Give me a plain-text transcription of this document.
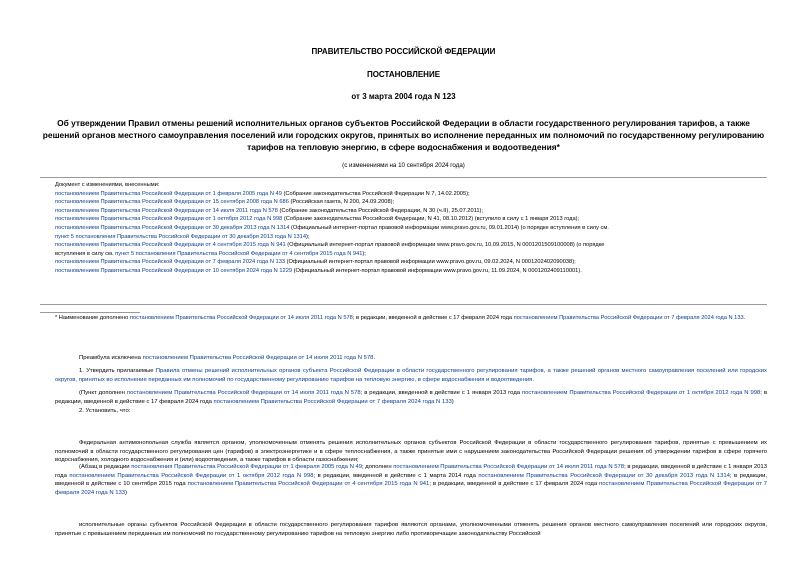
ПРАВИТЕЛЬСТВО РОССИЙСКОЙ ФЕДЕРАЦИИ
ПОСТАНОВЛЕНИЕ
от 3 марта 2004 года N 123
Об утверждении Правил отмены решений исполнительных органов субъектов Российской Федерации в области государственного регулирования тарифов, а также решений органов местного самоуправления поселений или городских округов, принятых во исполнение переданных им полномочий по государственному регулированию тарифов на тепловую энергию, в сфере водоснабжения и водоотведения*
(с изменениями на 10 сентября 2024 года)
Документ с изменениями, внесенными:
постановлением Правительства Российской Федерации от 1 февраля 2005 года N 49 (Собрание законодательства Российской Федерации N 7, 14.02.2005);
постановлением Правительства Российской Федерации от 15 сентября 2008 года N 686 (Российская газета, N 200, 24.09.2008);
постановлением Правительства Российской Федерации от 14 июля 2011 года N 578 (Собрание законодательства Российской Федерации, N 30 (ч.II), 25.07.2011);
постановлением Правительства Российской Федерации от 1 октября 2012 года N 998 (Собрание законодательства Российской Федерации, N 41, 08.10.2012) (вступило в силу с 1 января 2013 года);
постановлением Правительства Российской Федерации от 30 декабря 2013 года N 1314 (Официальный интернет-портал правовой информации www.pravo.gov.ru, 09.01.2014) (о порядке вступления в силу см.
пункт 5 постановления Правительства Российской Федерации от 30 декабря 2013 года N 1314);
постановлением Правительства Российской Федерации от 4 сентября 2015 года N 941 (Официальный интернет-портал правовой информации www.pravo.gov.ru, 10.09.2015, N 0001201509100008) (о порядке
вступления в силу см. пункт 5 постановления Правительства Российской Федерации от 4 сентября 2015 года N 941);
постановлением Правительства Российской Федерации от 7 февраля 2024 года N 133 (Официальный интернет-портал правовой информации www.pravo.gov.ru, 09.02.2024, N 0001202402090038);
постановлением Правительства Российской Федерации от 10 сентября 2024 года N 1229 (Официальный интернет-портал правовой информации www.pravo.gov.ru, 11.09.2024, N 0001202409110001).
* Наименование дополнено постановлением Правительства Российской Федерации от 14 июля 2011 года N 578; в редакции, введенной в действие с 17 февраля 2024 года постановлением Правительства Российской Федерации от 7 февраля 2024 года N 133.
Преамбула исключена постановлением Правительства Российской Федерации от 14 июля 2011 года N 578.
1. Утвердить прилагаемые Правила отмены решений исполнительных органов субъекта Российской Федерации в области государственного регулирования тарифов, а также решений органов местного самоуправления поселений или городских округов, принятых во исполнение переданных им полномочий по государственному регулированию тарифов на тепловую энергию, в сфере водоснабжения и водоотведения.
(Пункт дополнен постановлением Правительства Российской Федерации от 14 июля 2011 года N 578; в редакции, введенной в действие с 1 января 2013 года постановлением Правительства Российской Федерации от 1 октября 2012 года N 998; в редакции, введенной в действие с 17 февраля 2024 года постановлением Правительства Российской Федерации от 7 февраля 2024 года N 133)
2. Установить, что:
Федеральная антимонопольная служба является органом, уполномоченным отменять решения исполнительных органов субъектов Российской Федерации в области государственного регулирования тарифов, принятые с превышением их полномочий в области государственного регулирования цен (тарифов) в электроэнергетике и в сфере теплоснабжения, а также принятые ими с нарушением законодательства Российской Федерации решения об утверждении тарифов в сфере горячего водоснабжения, холодного водоснабжения и (или) водоотведения, а также тарифов в области газоснабжения;
(Абзац в редакции постановления Правительства Российской Федерации от 1 февраля 2005 года N 49; дополнен постановлением Правительства Российской Федерации от 14 июля 2011 года N 578; в редакции, введенной в действие с 1 января 2013 года постановлением Правительства Российской Федерации от 1 октября 2012 года N 998; в редакции, введенной в действие с 1 марта 2014 года постановлением Правительства Российской Федерации от 30 декабря 2013 года N 1314; в редакции, введенной в действие с 10 сентября 2015 года постановлением Правительства Российской Федерации от 4 сентября 2015 года N 941; в редакции, введенной в действие с 17 февраля 2024 года постановлением Правительства Российской Федерации от 7 февраля 2024 года N 133)
исполнительные органы субъектов Российской Федерации в области государственного регулирования тарифов являются органами, уполномоченными отменять решения органов местного самоуправления поселений или городских округов, принятые с превышением переданных им полномочий по государственному регулированию тарифов на тепловую энергию либо противоречащие законодательству Российской
